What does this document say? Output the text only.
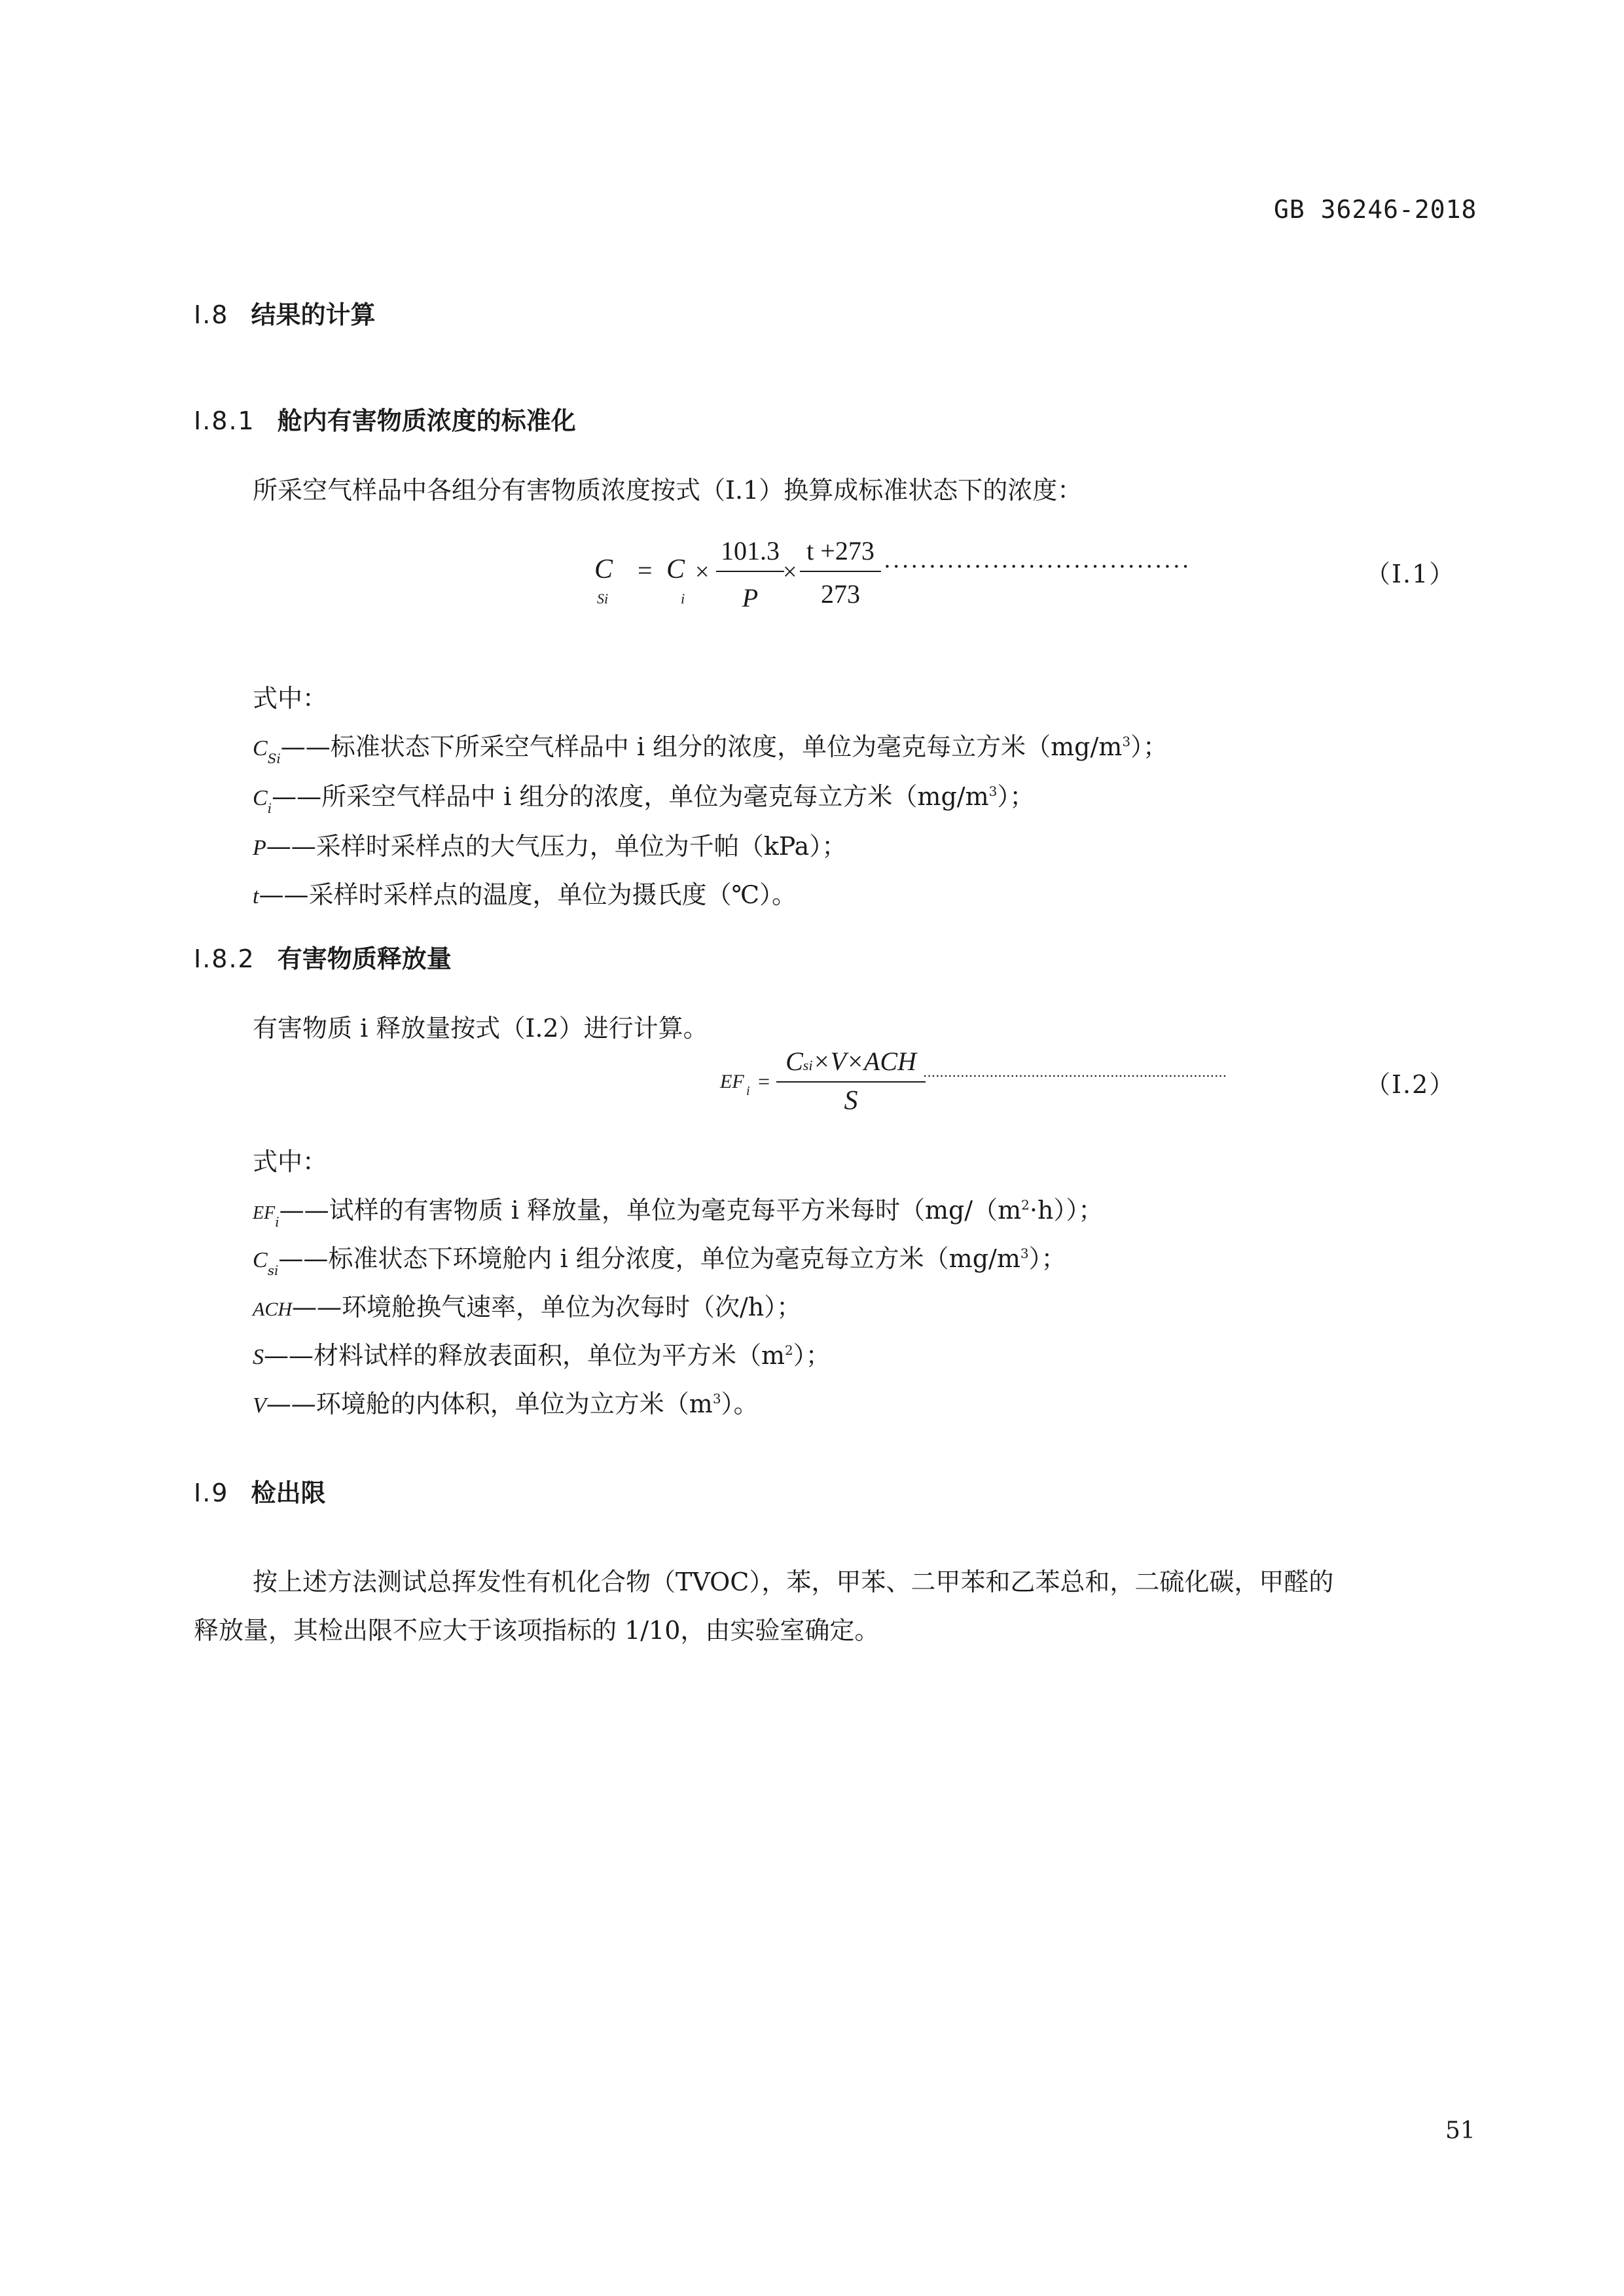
GB 36246-2018
I.8 结果的计算
I.8.1 舱内有害物质浓度的标准化
所采空气样品中各组分有害物质浓度按式（I.1）换算成标准状态下的浓度：
C
Si
= C
i
×
101.3
P
×
t +273
273
..................................	（I.1）
式中：
$C_{Si}——$标准状态下所采空气样品中 i 组分的浓度，单位为毫克每立方米$(mg/m^3)$；
$C_i——$所采空气样品中 i 组分的浓度，单位为毫克每立方米$(mg/m^3)$；
P——采样时采样点的大气压力，单位为千帕（kPa）；
t——采样时采样点的温度，单位为摄氏度（℃）。
I.8.2 有害物质释放量
有害物质 i 释放量按式（I.2）进行计算。
EF i =
Csi×V×ACH
S
.........................................................................	（I.2）
式中：
$EF_i——$试样的有害物质 i 释放量，单位为毫克每平方米每时$(mg/(m^2\cdot h))$；
$C_{si}——$标准状态下环境舱内 i 组分浓度，单位为毫克每立方米$(mg/m^3)$；
ACH——环境舱换气速率，单位为次每时（次/h）；
S——材料试样的释放表面积，单位为平方米$(m^2)$；
V——环境舱的内体积，单位为立方米$(m^3)$。
I.9 检出限
按上述方法测试总挥发性有机化合物（TVOC），苯，甲苯、二甲苯和乙苯总和，二硫化碳，甲醛的
释放量，其检出限不应大于该项指标的 1/10，由实验室确定。
51
